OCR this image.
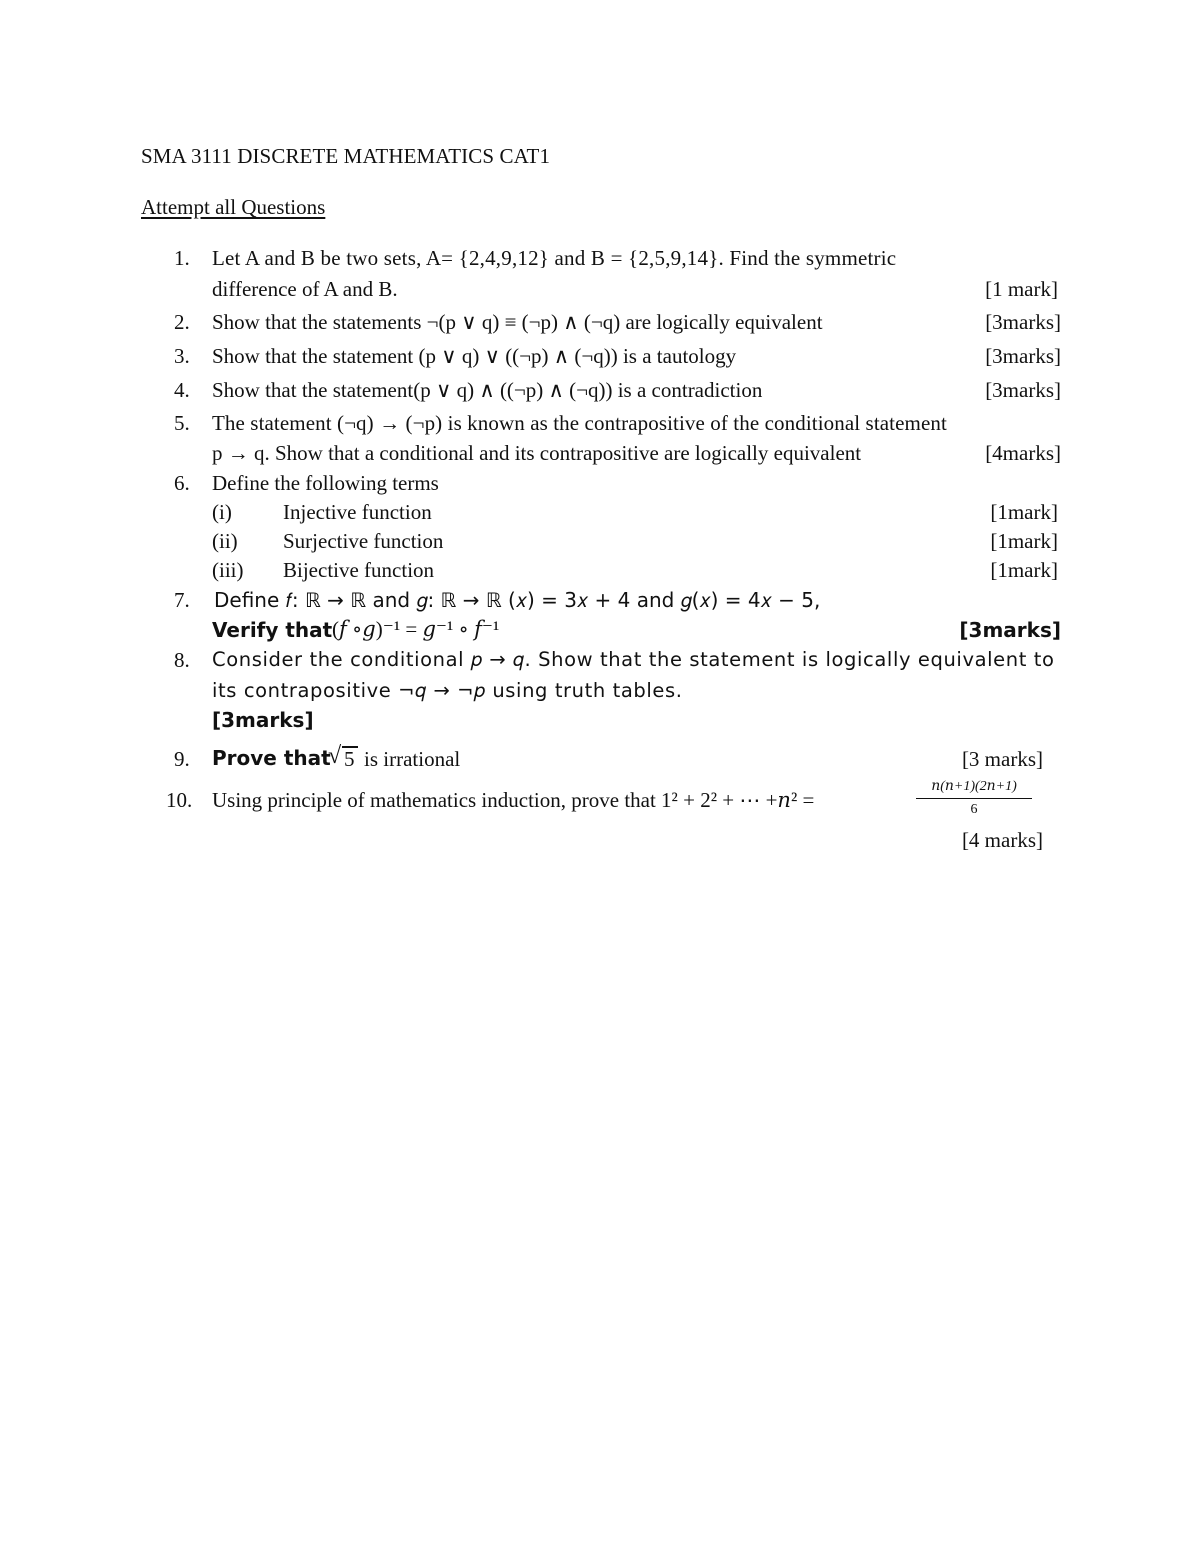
SMA 3111 DISCRETE MATHEMATICS CAT1
Attempt all Questions
1. Let A and B be two sets, A= {2,4,9,12} and B = {2,5,9,14}. Find the symmetric
difference of A and B.	[1 mark]
2. Show that the statements ¬(p ∨ q) ≡ (¬p) ∧ (¬q) are logically equivalent	[3marks]
3. Show that the statement (p ∨ q) ∨ ((¬p) ∧ (¬q)) is a tautology	[3marks]
4. Show that the statement(p ∨ q) ∧ ((¬p) ∧ (¬q)) is a contradiction	[3marks]
5. The statement (¬q) → (¬p) is known as the contrapositive of the conditional statement
p → q. Show that a conditional and its contrapositive are logically equivalent	[4marks]
6. Define the following terms
(i) Injective function	[1mark]
(ii) Surjective function	[1mark]
(iii) Bijective function	[1mark]
7. Define 𝑓: ℝ → ℝ and 𝑔: ℝ → ℝ (𝑥) = 3𝑥 + 4 and 𝑔(𝑥) = 4𝑥 − 5,
Verify that (𝑓 ∘𝑔)⁻¹ = 𝑔⁻¹ ∘ 𝑓⁻¹	[3marks]
8. Consider the conditional 𝑝 → 𝑞. Show that the statement is logically equivalent to
its contrapositive ¬𝑞 → ¬𝑝 using truth tables.
[3marks]
9. Prove that
√ 5 is irrational	[3 marks]
10. Using principle of mathematics induction, prove that 1² + 2² + ⋯ +𝑛² =
𝑛(𝑛+1)(2𝑛+1)
6
[4 marks]
